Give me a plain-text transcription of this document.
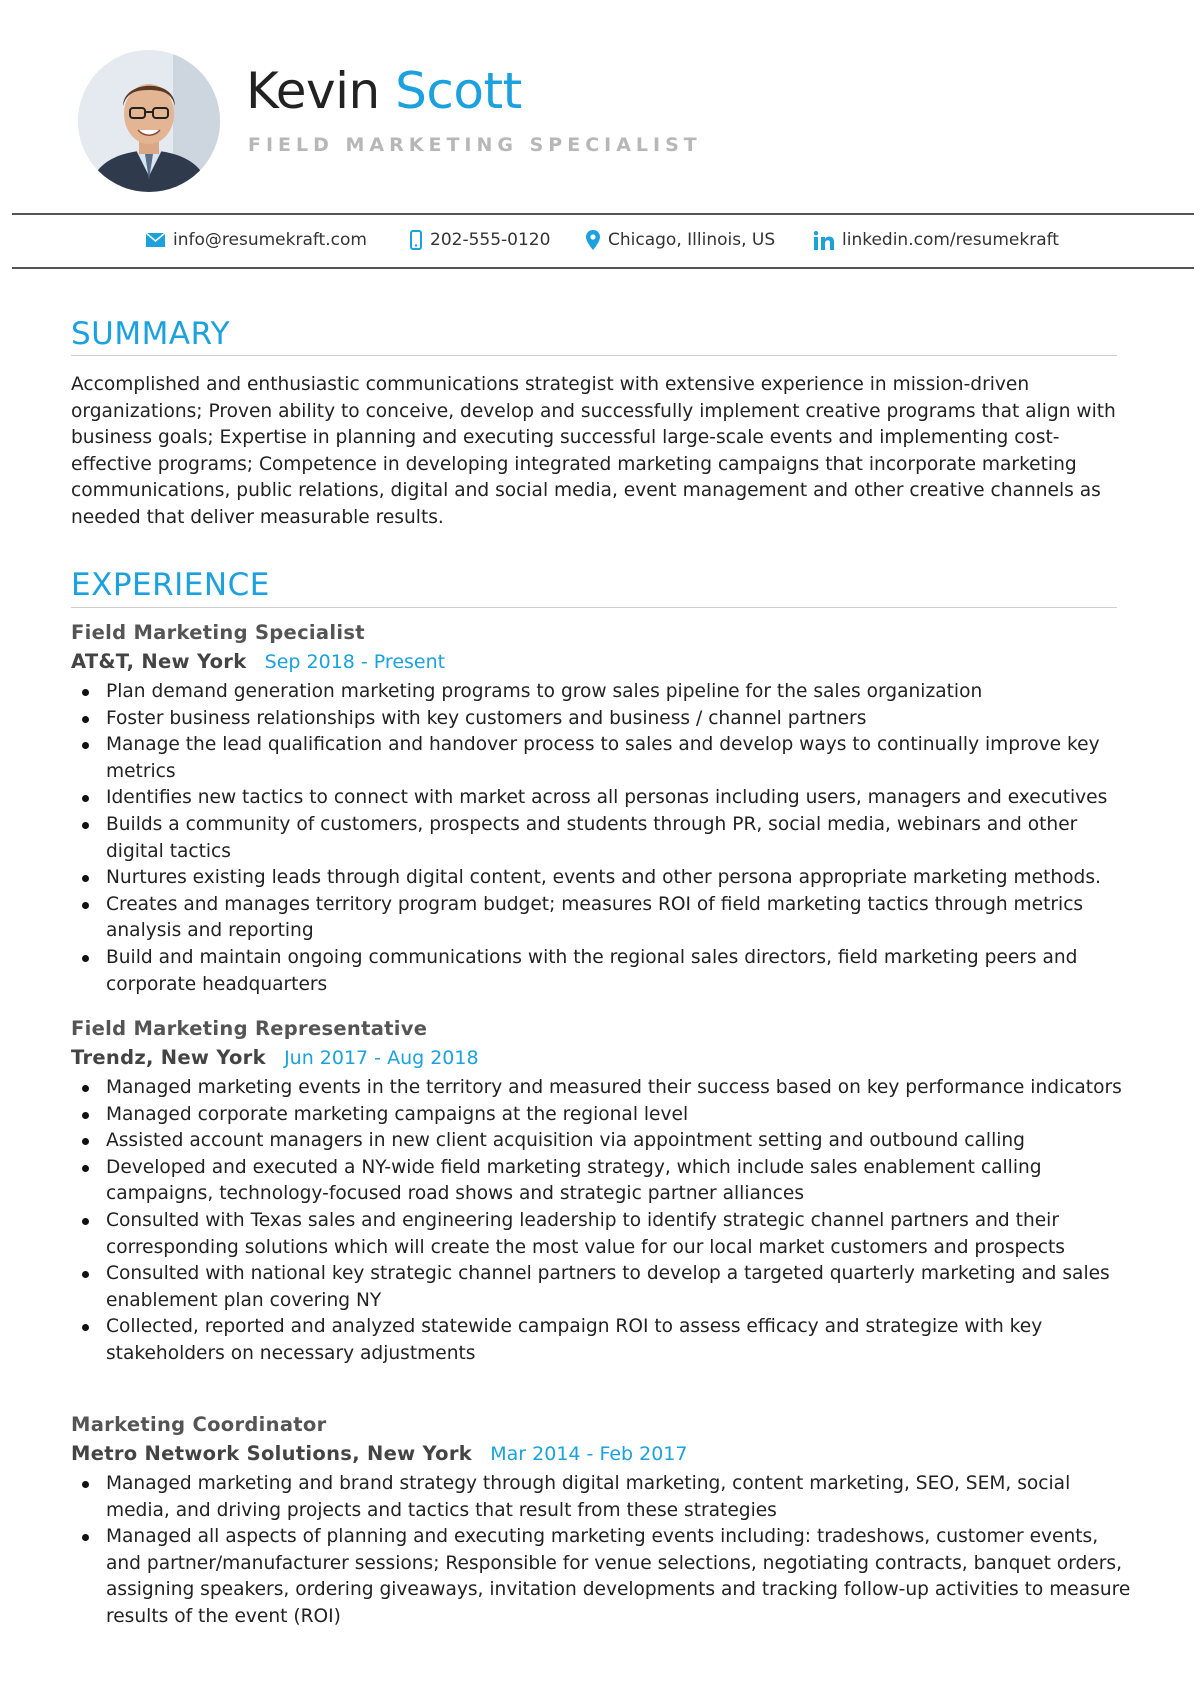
Kevin Scott
FIELD MARKETING SPECIALIST
info@resumekraft.com	202-555-0120	Chicago, Illinois, US	linkedin.com/resumekraft
SUMMARY

Accomplished and enthusiastic communications strategist with extensive experience in mission-driven organizations; Proven ability to conceive, develop and successfully implement creative programs that align with business goals; Expertise in planning and executing successful large-scale events and implementing cost-effective programs; Competence in developing integrated marketing campaigns that incorporate marketing communications, public relations, digital and social media, event management and other creative channels as needed that deliver measurable results.

EXPERIENCE
Field Marketing Specialist
AT&T, New York Sep 2018 - Present
Plan demand generation marketing programs to grow sales pipeline for the sales organization
Foster business relationships with key customers and business / channel partners
Manage the lead qualification and handover process to sales and develop ways to continually improve key metrics
Identifies new tactics to connect with market across all personas including users, managers and executives
Builds a community of customers, prospects and students through PR, social media, webinars and other digital tactics
Nurtures existing leads through digital content, events and other persona appropriate marketing methods.
Creates and manages territory program budget; measures ROI of field marketing tactics through metrics analysis and reporting
Build and maintain ongoing communications with the regional sales directors, field marketing peers and corporate headquarters
Field Marketing Representative
Trendz, New York Jun 2017 - Aug 2018
Managed marketing events in the territory and measured their success based on key performance indicators
Managed corporate marketing campaigns at the regional level
Assisted account managers in new client acquisition via appointment setting and outbound calling
Developed and executed a NY-wide field marketing strategy, which include sales enablement calling campaigns, technology-focused road shows and strategic partner alliances
Consulted with Texas sales and engineering leadership to identify strategic channel partners and their corresponding solutions which will create the most value for our local market customers and prospects
Consulted with national key strategic channel partners to develop a targeted quarterly marketing and sales enablement plan covering NY
Collected, reported and analyzed statewide campaign ROI to assess efficacy and strategize with key stakeholders on necessary adjustments
Marketing Coordinator
Metro Network Solutions, New York Mar 2014 - Feb 2017
Managed marketing and brand strategy through digital marketing, content marketing, SEO, SEM, social media, and driving projects and tactics that result from these strategies
Managed all aspects of planning and executing marketing events including: tradeshows, customer events, and partner/manufacturer sessions; Responsible for venue selections, negotiating contracts, banquet orders, assigning speakers, ordering giveaways, invitation developments and tracking follow-up activities to measure results of the event (ROI)
